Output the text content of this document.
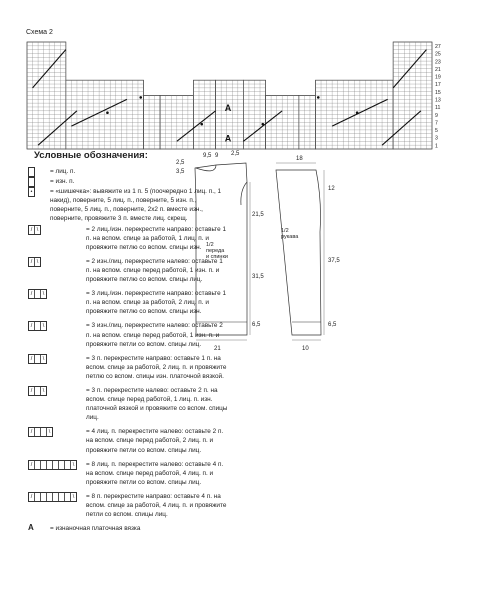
Схема 2
27
25
23
21
19
17
15
13
11
9
7
5
3
1
A
A
Условные обозначения:
= лиц. п.
= изн. п.
•	= «шишечка»: вывяжите из 1 п. 5 (поочередно 1 лиц. п., 1 накид), поверните, 5 лиц. п., поверните, 5 изн. п., поверните, 5 лиц. п., поверните, 2х2 п. вместе изн., поверните, провяжите 3 п. вместе лиц. скрещ.
/ \	= 2 лиц./изн. перекрестите направо: оставьте 1 п. на вспом. спице за работой, 1 лиц. п. и провяжите петлю со вспом. спицы изн.
/ \	= 2 изн./лиц. перекрестите налево: оставьте 1 п. на вспом. спице перед работой, 1 изн. п. и провяжите петлю со вспом. спицы лиц.
/	\	= 3 лиц./изн. перекрестите направо: оставьте 1 п. на вспом. спице за работой, 2 лиц. п. и провяжите петлю со вспом. спицы изн.
/	\	= 3 изн./лиц. перекрестите налево: оставьте 2 п. на вспом. спице перед работой, 1 изн. п. и провяжите петли со вспом. спицы лиц.
/	\	= 3 п. перекрестите направо: оставьте 1 п. на вспом. спице за работой, 2 лиц. п. и провяжите петлю со вспом. спицы изн. платочной вязкой.
/	\	= 3 п. перекрестите налево: оставьте 2 п. на вспом. спице перед работой, 1 лиц. п. изн. платочной вязкой и провяжите со вспом. спицы лиц.
/	\	= 4 лиц. п. перекрестите налево: оставьте 2 п. на вспом. спице перед работой, 2 лиц. п. и провяжите петли со вспом. спицы лиц.
/	\ = 8 лиц. п. перекрестите налево: оставьте 4 п. на вспом. спице перед работой, 4 лиц. п. и провяжите петли со вспом. спицы лиц.
/	\ = 8 п. перекрестите направо: оставьте 4 п. на вспом. спице за работой, 4 лиц. п. и провяжите петли со вспом. спицы лиц.
A	= изнаночная платочная вязка
9,5 9 2,5
2,5
3,5
21,5
31,5
6,5
21
18
12
37,5
6,5
10
1/2
переда
и спинки
1/2
рукава
